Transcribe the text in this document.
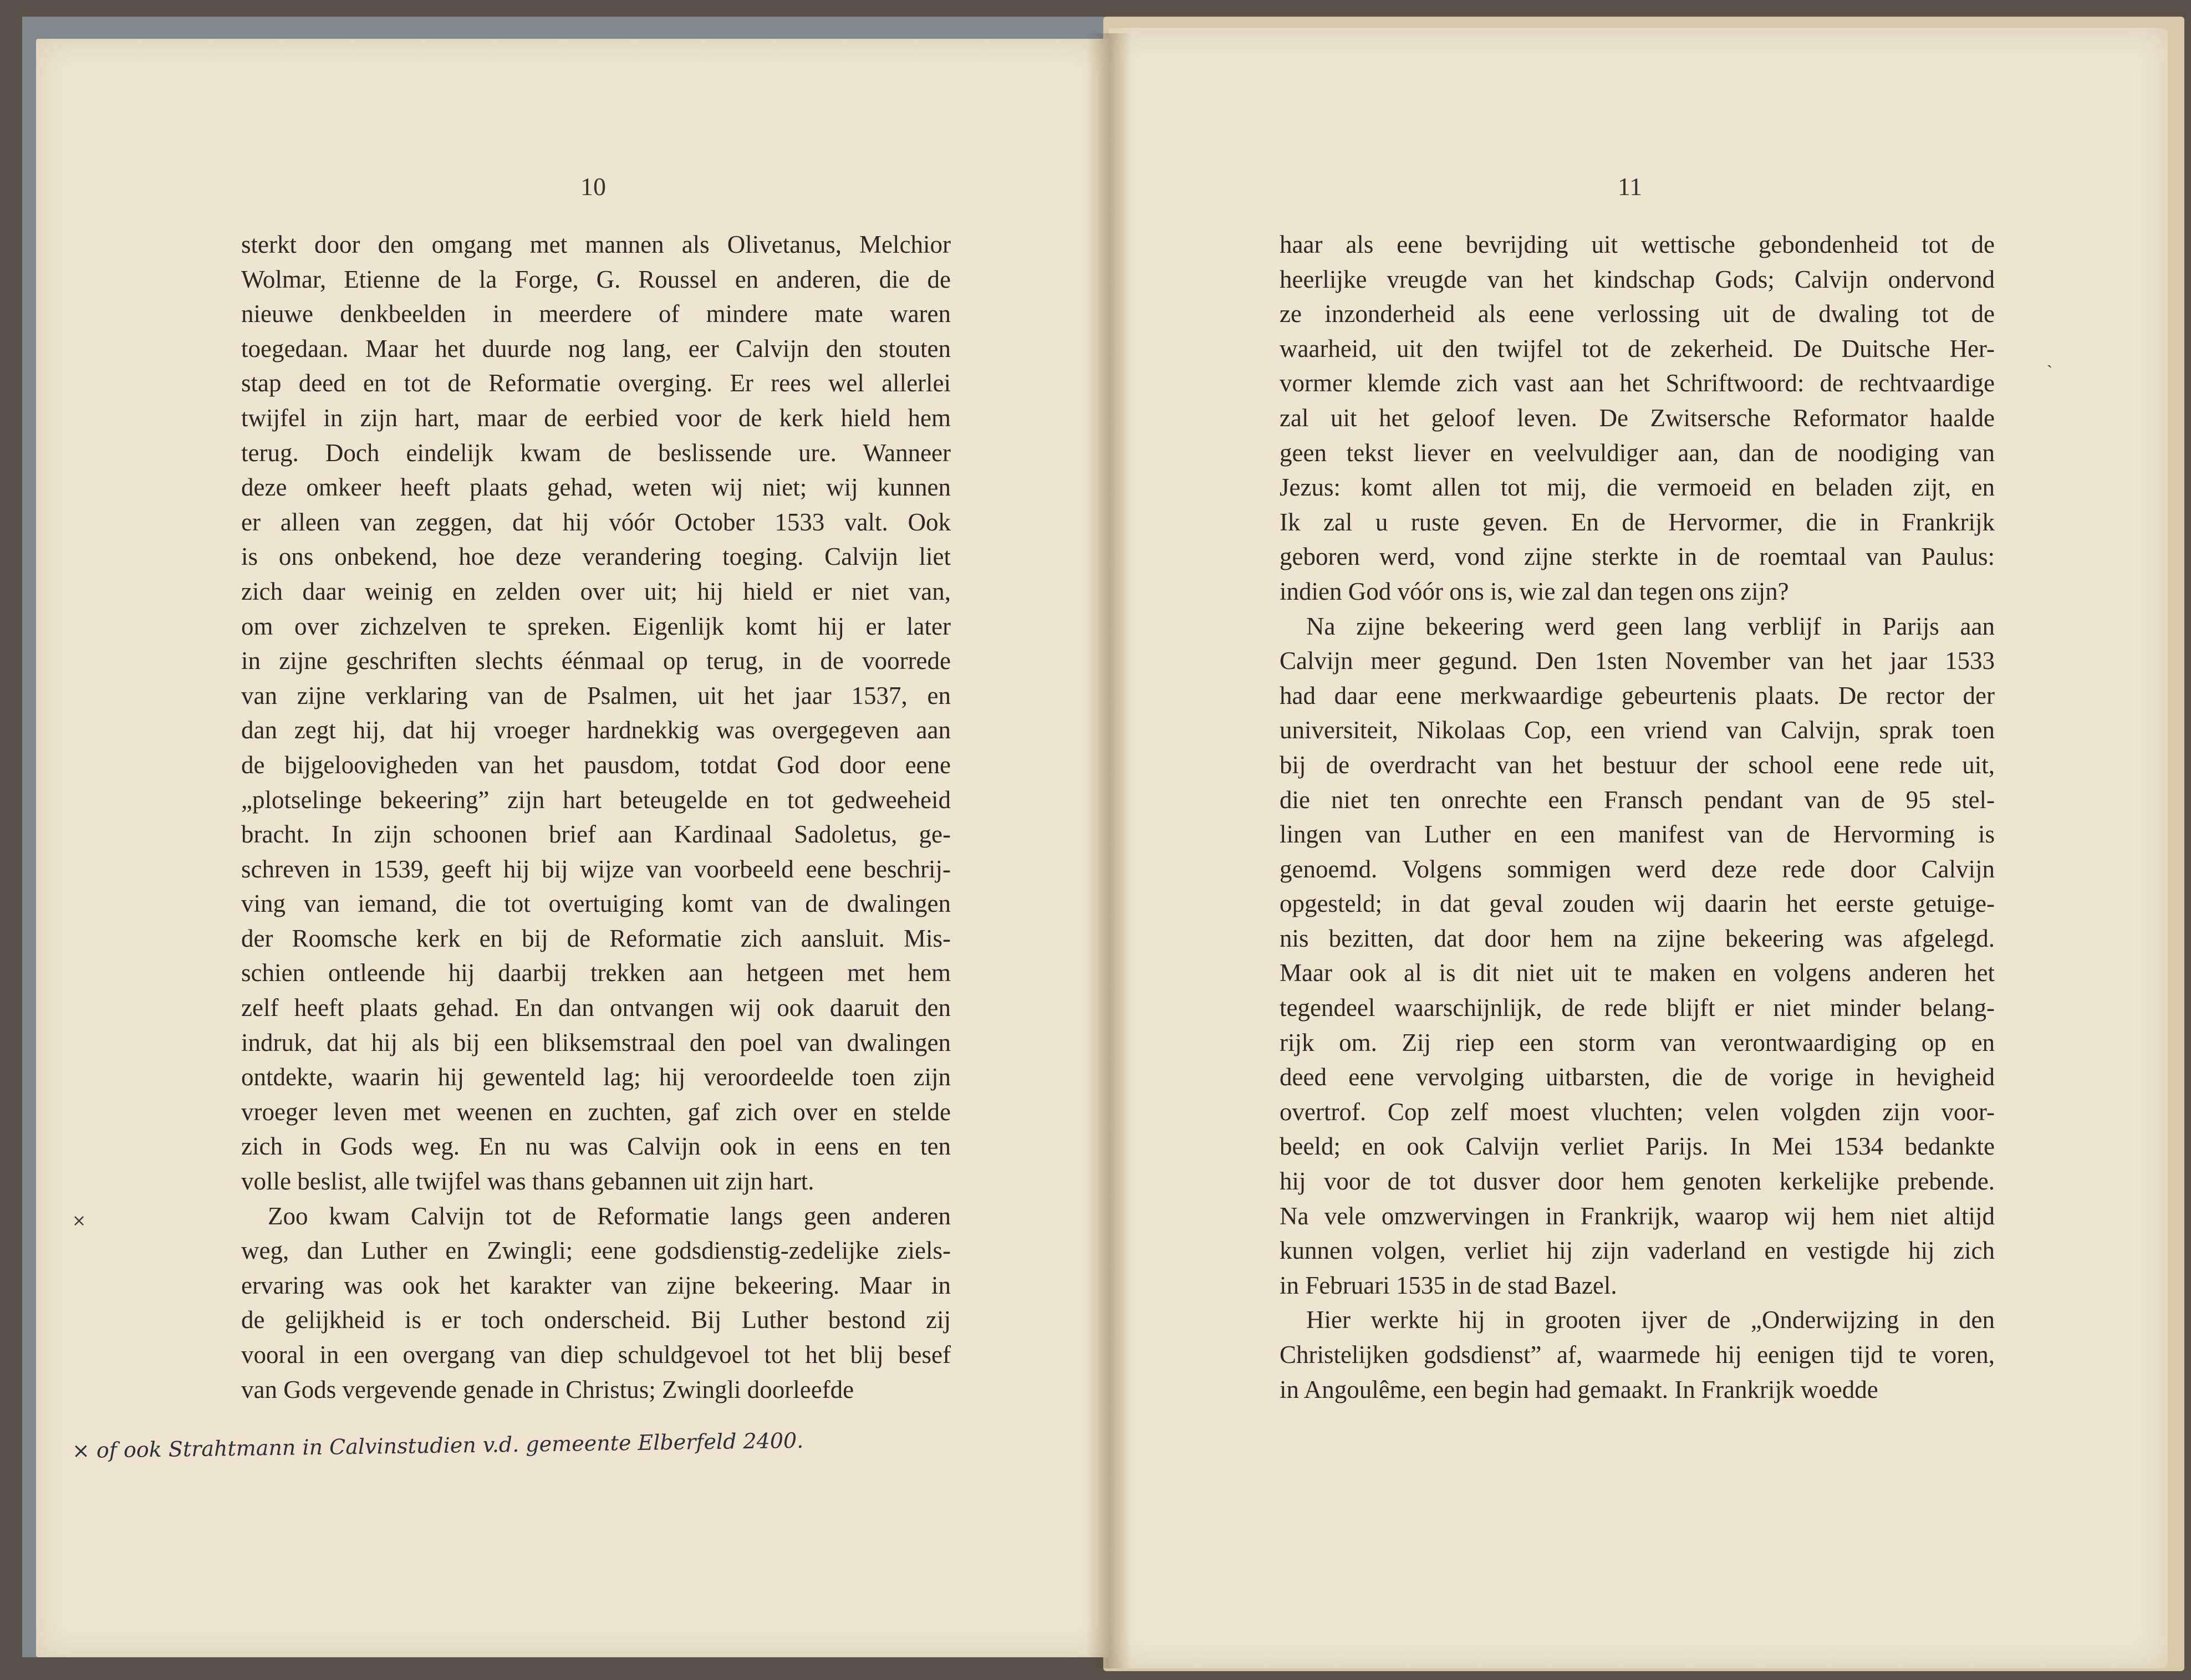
10	11
sterkt door den omgang met mannen als Olivetanus, Melchior
Wolmar, Etienne de la Forge, G. Roussel en anderen, die de
nieuwe denkbeelden in meerdere of mindere mate waren
toegedaan. Maar het duurde nog lang, eer Calvijn den stouten
stap deed en tot de Reformatie overging. Er rees wel allerlei
twijfel in zijn hart, maar de eerbied voor de kerk hield hem
terug. Doch eindelijk kwam de beslissende ure. Wanneer
deze omkeer heeft plaats gehad, weten wij niet; wij kunnen
er alleen van zeggen, dat hij vóór October 1533 valt. Ook
is ons onbekend, hoe deze verandering toeging. Calvijn liet
zich daar weinig en zelden over uit; hij hield er niet van,
om over zichzelven te spreken. Eigenlijk komt hij er later
in zijne geschriften slechts éénmaal op terug, in de voorrede
van zijne verklaring van de Psalmen, uit het jaar 1537, en
dan zegt hij, dat hij vroeger hardnekkig was overgegeven aan
de bijgeloovigheden van het pausdom, totdat God door eene
„plotselinge bekeering” zijn hart beteugelde en tot gedweeheid
bracht. In zijn schoonen brief aan Kardinaal Sadoletus, ge-
schreven in 1539, geeft hij bij wijze van voorbeeld eene beschrij-
ving van iemand, die tot overtuiging komt van de dwalingen
der Roomsche kerk en bij de Reformatie zich aansluit. Mis-
schien ontleende hij daarbij trekken aan hetgeen met hem
zelf heeft plaats gehad. En dan ontvangen wij ook daaruit den
indruk, dat hij als bij een bliksemstraal den poel van dwalingen
ontdekte, waarin hij gewenteld lag; hij veroordeelde toen zijn
vroeger leven met weenen en zuchten, gaf zich over en stelde
zich in Gods weg. En nu was Calvijn ook in eens en ten
volle beslist, alle twijfel was thans gebannen uit zijn hart.
Zoo kwam Calvijn tot de Reformatie langs geen anderen
weg, dan Luther en Zwingli; eene godsdienstig-zedelijke ziels-
ervaring was ook het karakter van zijne bekeering. Maar in
de gelijkheid is er toch onderscheid. Bij Luther bestond zij
vooral in een overgang van diep schuldgevoel tot het blij besef
van Gods vergevende genade in Christus; Zwingli doorleefde
haar als eene bevrijding uit wettische gebondenheid tot de
heerlijke vreugde van het kindschap Gods; Calvijn ondervond
ze inzonderheid als eene verlossing uit de dwaling tot de
waarheid, uit den twijfel tot de zekerheid. De Duitsche Her-
vormer klemde zich vast aan het Schriftwoord: de rechtvaardige
zal uit het geloof leven. De Zwitsersche Reformator haalde
geen tekst liever en veelvuldiger aan, dan de noodiging van
Jezus: komt allen tot mij, die vermoeid en beladen zijt, en
Ik zal u ruste geven. En de Hervormer, die in Frankrijk
geboren werd, vond zijne sterkte in de roemtaal van Paulus:
indien God vóór ons is, wie zal dan tegen ons zijn?
Na zijne bekeering werd geen lang verblijf in Parijs aan
Calvijn meer gegund. Den 1sten November van het jaar 1533
had daar eene merkwaardige gebeurtenis plaats. De rector der
universiteit, Nikolaas Cop, een vriend van Calvijn, sprak toen
bij de overdracht van het bestuur der school eene rede uit,
die niet ten onrechte een Fransch pendant van de 95 stel-
lingen van Luther en een manifest van de Hervorming is
genoemd. Volgens sommigen werd deze rede door Calvijn
opgesteld; in dat geval zouden wij daarin het eerste getuige-
nis bezitten, dat door hem na zijne bekeering was afgelegd.
Maar ook al is dit niet uit te maken en volgens anderen het
tegendeel waarschijnlijk, de rede blijft er niet minder belang-
rijk om. Zij riep een storm van verontwaardiging op en
deed eene vervolging uitbarsten, die de vorige in hevigheid
overtrof. Cop zelf moest vluchten; velen volgden zijn voor-
beeld; en ook Calvijn verliet Parijs. In Mei 1534 bedankte
hij voor de tot dusver door hem genoten kerkelijke prebende.
Na vele omzwervingen in Frankrijk, waarop wij hem niet altijd
kunnen volgen, verliet hij zijn vaderland en vestigde hij zich
in Februari 1535 in de stad Bazel.
Hier werkte hij in grooten ijver de „Onderwijzing in den
Christelijken godsdienst” af, waarmede hij eenigen tijd te voren,
in Angoulême, een begin had gemaakt. In Frankrijk woedde
×
ˏ
× of ook Strahtmann in Calvinstudien v.d. gemeente Elberfeld 2400.
